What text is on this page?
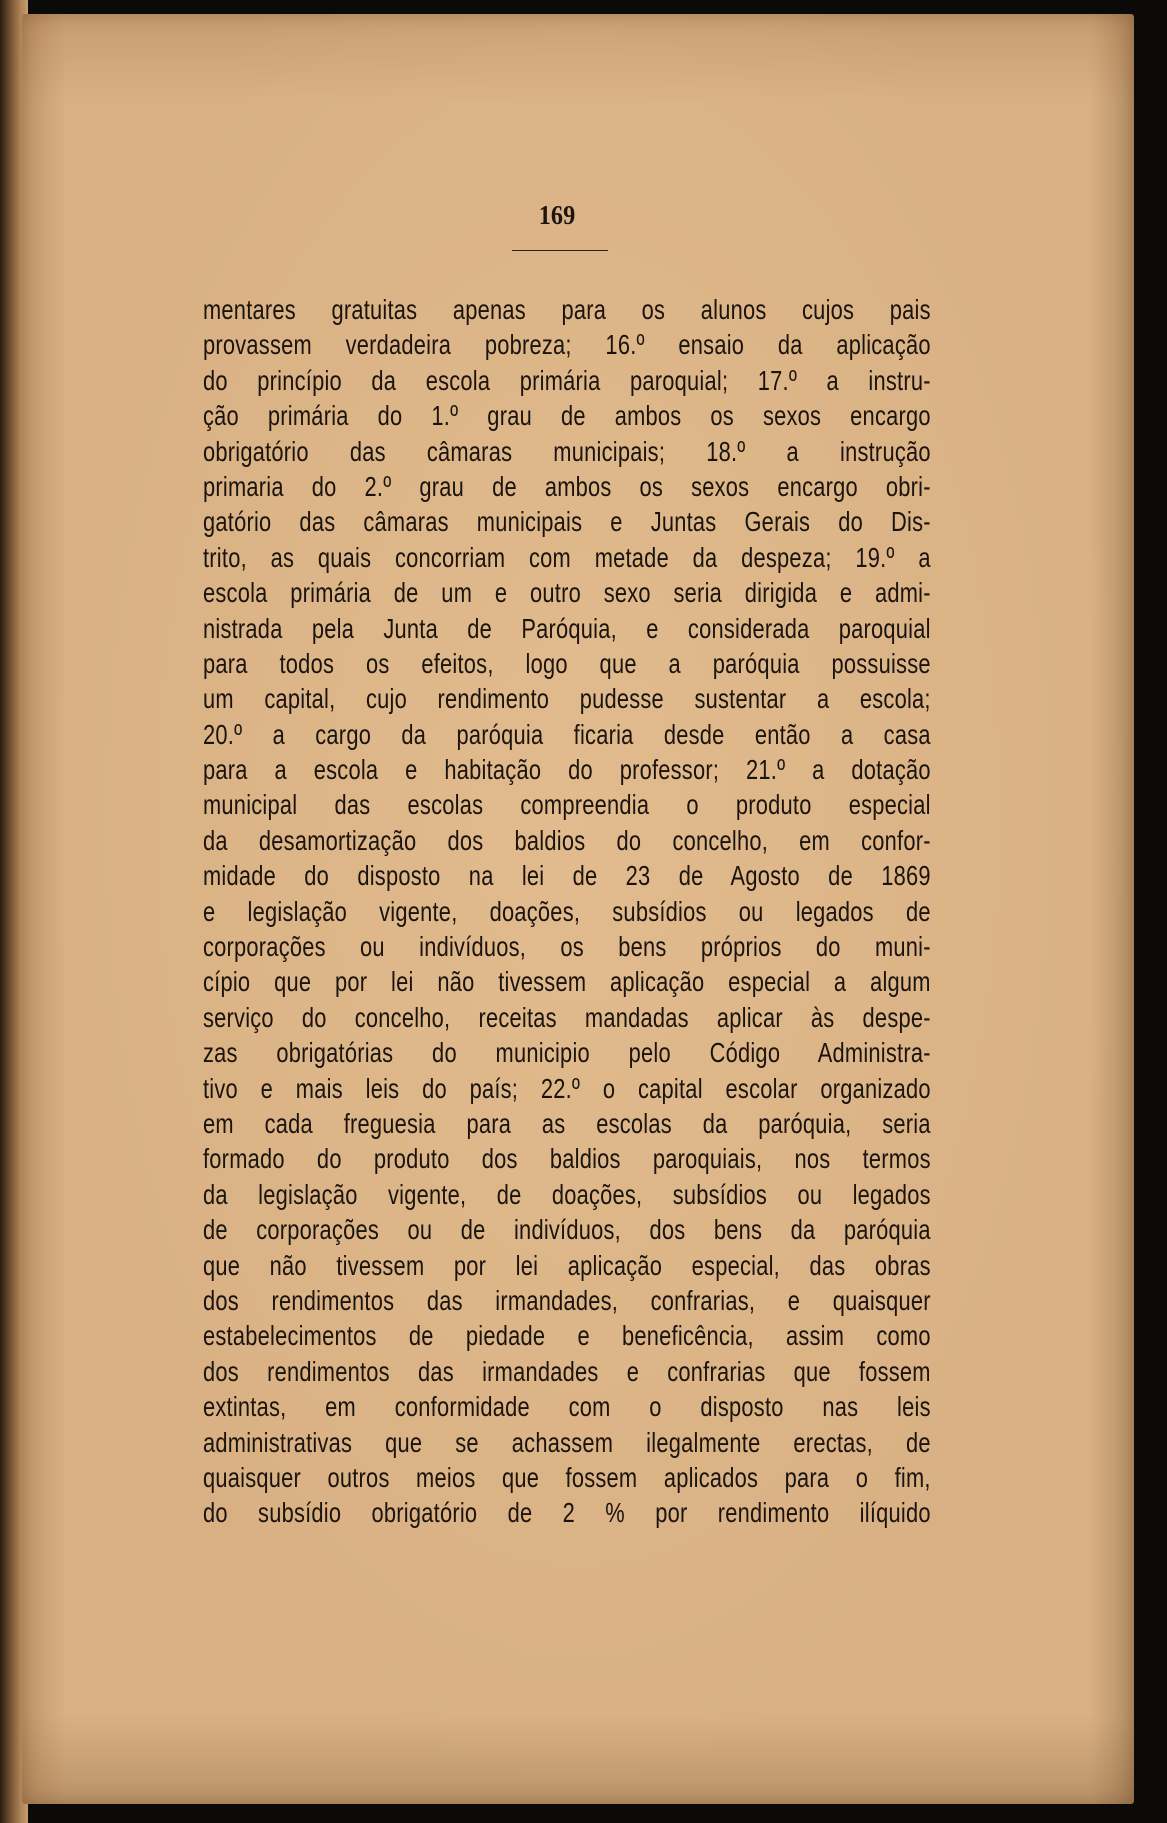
169
mentares gratuitas apenas para os alunos cujos pais
provassem verdadeira pobreza; 16.º ensaio da aplicação
do princípio da escola primária paroquial; 17.º a instru-
ção primária do 1.º grau de ambos os sexos encargo
obrigatório das câmaras municipais; 18.º a instrução
primaria do 2.º grau de ambos os sexos encargo obri-
gatório das câmaras municipais e Juntas Gerais do Dis-
trito, as quais concorriam com metade da despeza; 19.º a
escola primária de um e outro sexo seria dirigida e admi-
nistrada pela Junta de Paróquia, e considerada paroquial
para todos os efeitos, logo que a paróquia possuisse
um capital, cujo rendimento pudesse sustentar a escola;
20.º a cargo da paróquia ficaria desde então a casa
para a escola e habitação do professor; 21.º a dotação
municipal das escolas compreendia o produto especial
da desamortização dos baldios do concelho, em confor-
midade do disposto na lei de 23 de Agosto de 1869
e legislação vigente, doações, subsídios ou legados de
corporações ou indivíduos, os bens próprios do muni-
cípio que por lei não tivessem aplicação especial a algum
serviço do concelho, receitas mandadas aplicar às despe-
zas obrigatórias do municipio pelo Código Administra-
tivo e mais leis do país; 22.º o capital escolar organizado
em cada freguesia para as escolas da paróquia, seria
formado do produto dos baldios paroquiais, nos termos
da legislação vigente, de doações, subsídios ou legados
de corporações ou de indivíduos, dos bens da paróquia
que não tivessem por lei aplicação especial, das obras
dos rendimentos das irmandades, confrarias, e quaisquer
estabelecimentos de piedade e beneficência, assim como
dos rendimentos das irmandades e confrarias que fossem
extintas, em conformidade com o disposto nas leis
administrativas que se achassem ilegalmente erectas, de
quaisquer outros meios que fossem aplicados para o fim,
do subsídio obrigatório de 2 % por rendimento ilíquido
